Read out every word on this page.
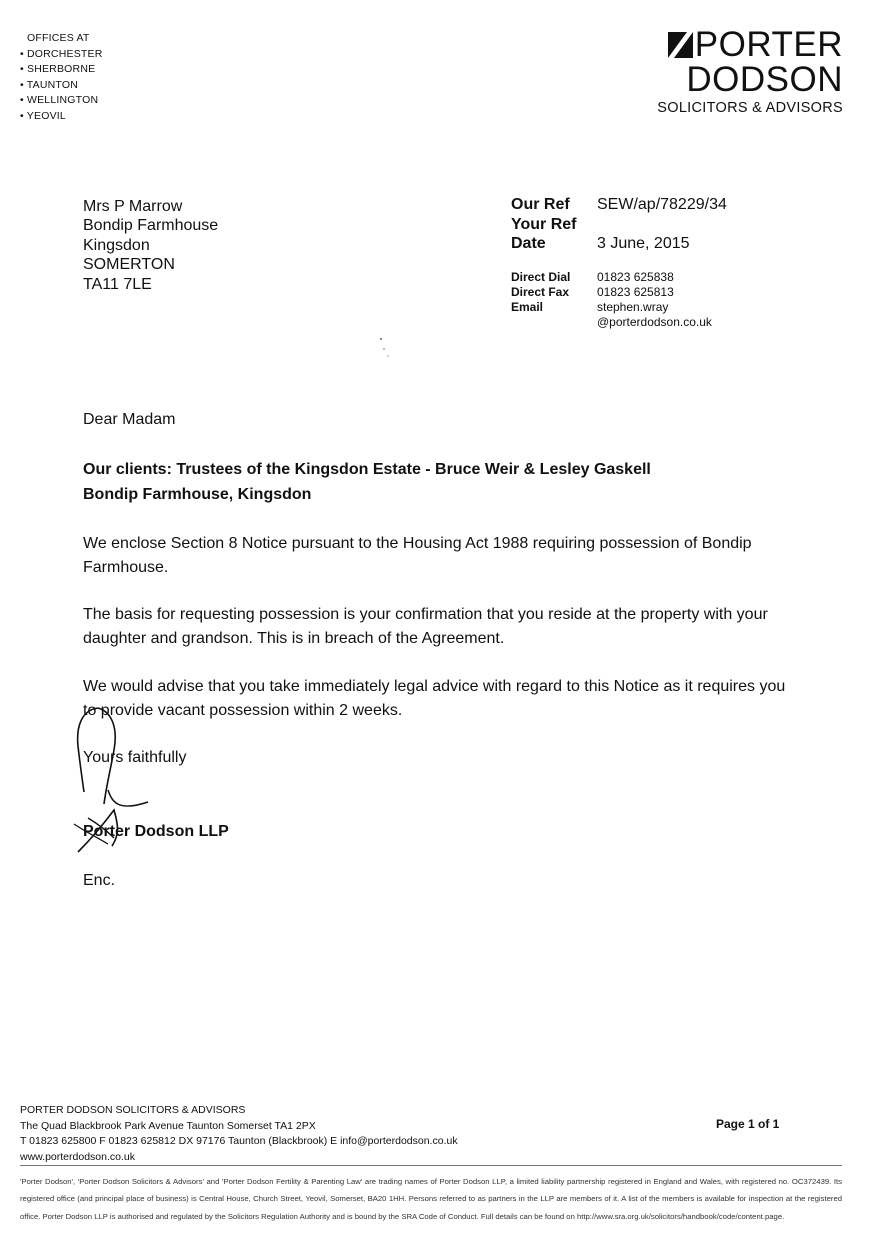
OFFICES AT
• DORCHESTER
• SHERBORNE
• TAUNTON
• WELLINGTON
• YEOVIL
PORTER
DODSON
SOLICITORS & ADVISORS
Mrs P Marrow
Bondip Farmhouse
Kingsdon
SOMERTON
TA11 7LE
Our Ref	SEW/ap/78229/34
Your Ref
Date	3 June, 2015
Direct Dial	01823 625838
Direct Fax	01823 625813
Email	stephen.wray
@porterdodson.co.uk
Dear Madam
Our clients: Trustees of the Kingsdon Estate - Bruce Weir & Lesley Gaskell
Bondip Farmhouse, Kingsdon
We enclose Section 8 Notice pursuant to the Housing Act 1988 requiring possession of Bondip Farmhouse.
The basis for requesting possession is your confirmation that you reside at the property with your daughter and grandson. This is in breach of the Agreement.
We would advise that you take immediately legal advice with regard to this Notice as it requires you to provide vacant possession within 2 weeks.
Yours faithfully
Porter Dodson LLP
Enc.
PORTER DODSON SOLICITORS & ADVISORS
The Quad Blackbrook Park Avenue Taunton Somerset TA1 2PX
T 01823 625800 F 01823 625812 DX 97176 Taunton (Blackbrook) E info@porterdodson.co.uk
www.porterdodson.co.uk
Page 1 of 1
'Porter Dodson', 'Porter Dodson Solicitors & Advisors' and 'Porter Dodson Fertility & Parenting Law' are trading names of Porter Dodson LLP, a limited liability partnership registered in England and Wales, with registered no. OC372439. Its registered office (and principal place of business) is Central House, Church Street, Yeovil, Somerset, BA20 1HH. Persons referred to as partners in the LLP are members of it. A list of the members is available for inspection at the registered office. Porter Dodson LLP is authorised and regulated by the Solicitors Regulation Authority and is bound by the SRA Code of Conduct. Full details can be found on http://www.sra.org.uk/solicitors/handbook/code/content.page.
